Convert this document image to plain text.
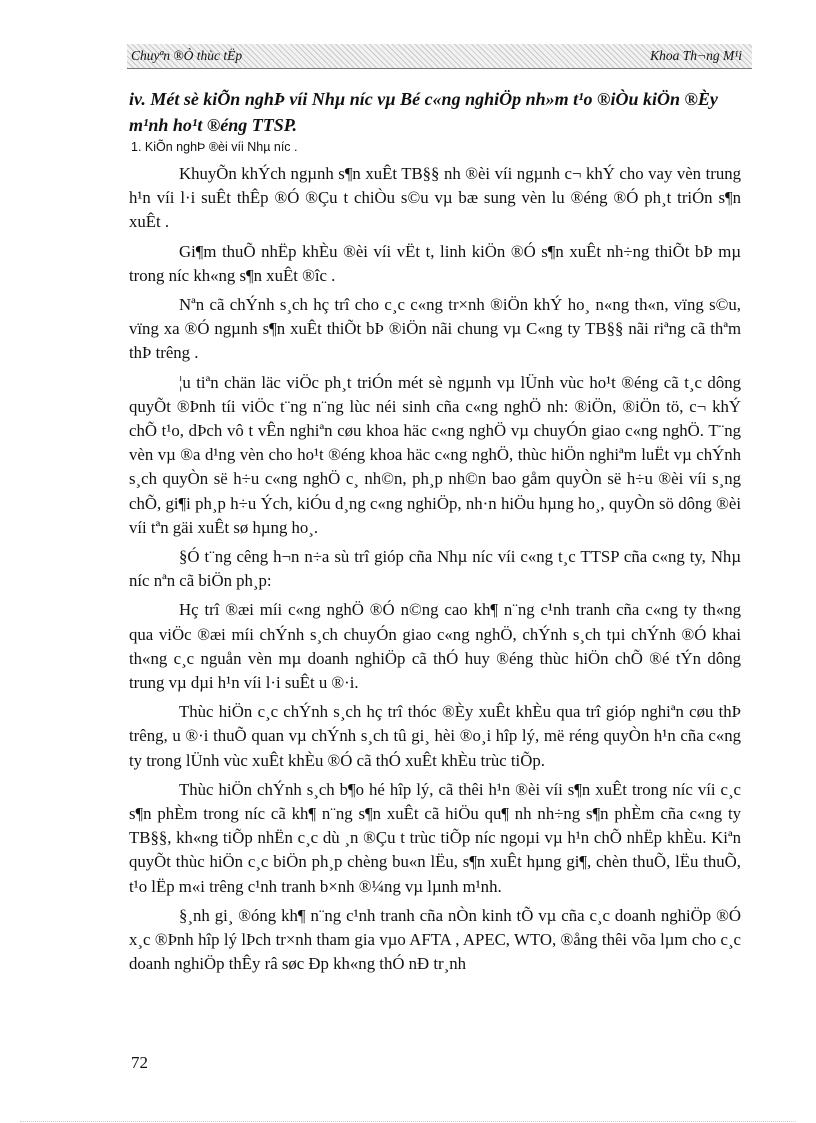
Chuyªn ®Ò thùc tËp	Khoa Th¬ng M¹i
iv. Mét sè kiÕn nghÞ víi Nhµ níc vµ Bé c«ng nghiÖp nh»m t¹o ®iÒu kiÖn ®Èy m¹nh ho¹t ®éng TTSP.
1. KiÕn nghÞ ®èi víi Nhµ níc .

KhuyÕn khÝch ngµnh s¶n xuÊt TB§§ nh ®èi víi ngµnh c¬ khÝ cho vay vèn trung h¹n víi l·i suÊt thÊp ®Ó ®Çu t chiÒu s©u vµ bæ sung vèn lu ®éng ®Ó ph¸t triÓn s¶n xuÊt .

Gi¶m thuÕ nhËp khÈu ®èi víi vËt t, linh kiÖn ®Ó s¶n xuÊt nh÷ng thiÕt bÞ mµ trong níc kh«ng s¶n xuÊt ®îc .

Nªn cã chÝnh s¸ch hç trî cho c¸c c«ng tr×nh ®iÖn khÝ ho¸ n«ng th«n, vïng s©u, vïng xa ®Ó ngµnh s¶n xuÊt thiÕt bÞ ®iÖn nãi chung vµ C«ng ty TB§§ nãi riªng cã thªm thÞ trêng .

¦u tiªn chän läc viÖc ph¸t triÓn mét sè ngµnh vµ lÜnh vùc ho¹t ®éng cã t¸c dông quyÕt ®Þnh tíi viÖc t¨ng n¨ng lùc néi sinh cña c«ng nghÖ nh: ®iÖn, ®iÖn tö, c¬ khÝ chÕ t¹o, dÞch vô t vÊn nghiªn cøu khoa häc c«ng nghÖ vµ chuyÓn giao c«ng nghÖ. T¨ng vèn vµ ®a d¹ng vèn cho ho¹t ®éng khoa häc c«ng nghÖ, thùc hiÖn nghiªm luËt vµ chÝnh s¸ch quyÒn së h÷u c«ng nghÖ c¸ nh©n, ph¸p nh©n bao gåm quyÒn së h÷u ®èi víi s¸ng chÕ, gi¶i ph¸p h÷u Ých, kiÓu d¸ng c«ng nghiÖp, nh·n hiÖu hµng ho¸, quyÒn sö dông ®èi víi tªn gäi xuÊt sø hµng ho¸.

§Ó t¨ng cêng h¬n n÷a sù trî gióp cña Nhµ níc víi c«ng t¸c TTSP cña c«ng ty, Nhµ níc nªn cã biÖn ph¸p:

Hç trî ®æi míi c«ng nghÖ ®Ó n©ng cao kh¶ n¨ng c¹nh tranh cña c«ng ty th«ng qua viÖc ®æi míi chÝnh s¸ch chuyÓn giao c«ng nghÖ, chÝnh s¸ch tµi chÝnh ®Ó khai th«ng c¸c nguån vèn mµ doanh nghiÖp cã thÓ huy ®éng thùc hiÖn chÕ ®é tÝn dông trung vµ dµi h¹n víi l·i suÊt u ®·i.

Thùc hiÖn c¸c chÝnh s¸ch hç trî thóc ®Èy xuÊt khÈu qua trî gióp nghiªn cøu thÞ trêng, u ®·i thuÕ quan vµ chÝnh s¸ch tû gi¸ hèi ®o¸i hîp lý, më réng quyÒn h¹n cña c«ng ty trong lÜnh vùc xuÊt khÈu ®Ó cã thÓ xuÊt khÈu trùc tiÕp.

Thùc hiÖn chÝnh s¸ch b¶o hé hîp lý, cã thêi h¹n ®èi víi s¶n xuÊt trong níc víi c¸c s¶n phÈm trong níc cã kh¶ n¨ng s¶n xuÊt cã hiÖu qu¶ nh nh÷ng s¶n phÈm cña c«ng ty TB§§, kh«ng tiÕp nhËn c¸c dù ¸n ®Çu t trùc tiÕp níc ngoµi vµ h¹n chÕ nhËp khÈu. Kiªn quyÕt thùc hiÖn c¸c biÖn ph¸p chèng bu«n lËu, s¶n xuÊt hµng gi¶, chèn thuÕ, lËu thuÕ, t¹o lËp m«i trêng c¹nh tranh b×nh ®¼ng vµ lµnh m¹nh.

§¸nh gi¸ ®óng kh¶ n¨ng c¹nh tranh cña nÒn kinh tÕ vµ cña c¸c doanh nghiÖp ®Ó x¸c ®Þnh hîp lý lÞch tr×nh tham gia vµo AFTA , APEC, WTO, ®ång thêi võa lµm cho c¸c doanh nghiÖp thÊy râ søc Ðp kh«ng thÓ nÐ tr¸nh

72
